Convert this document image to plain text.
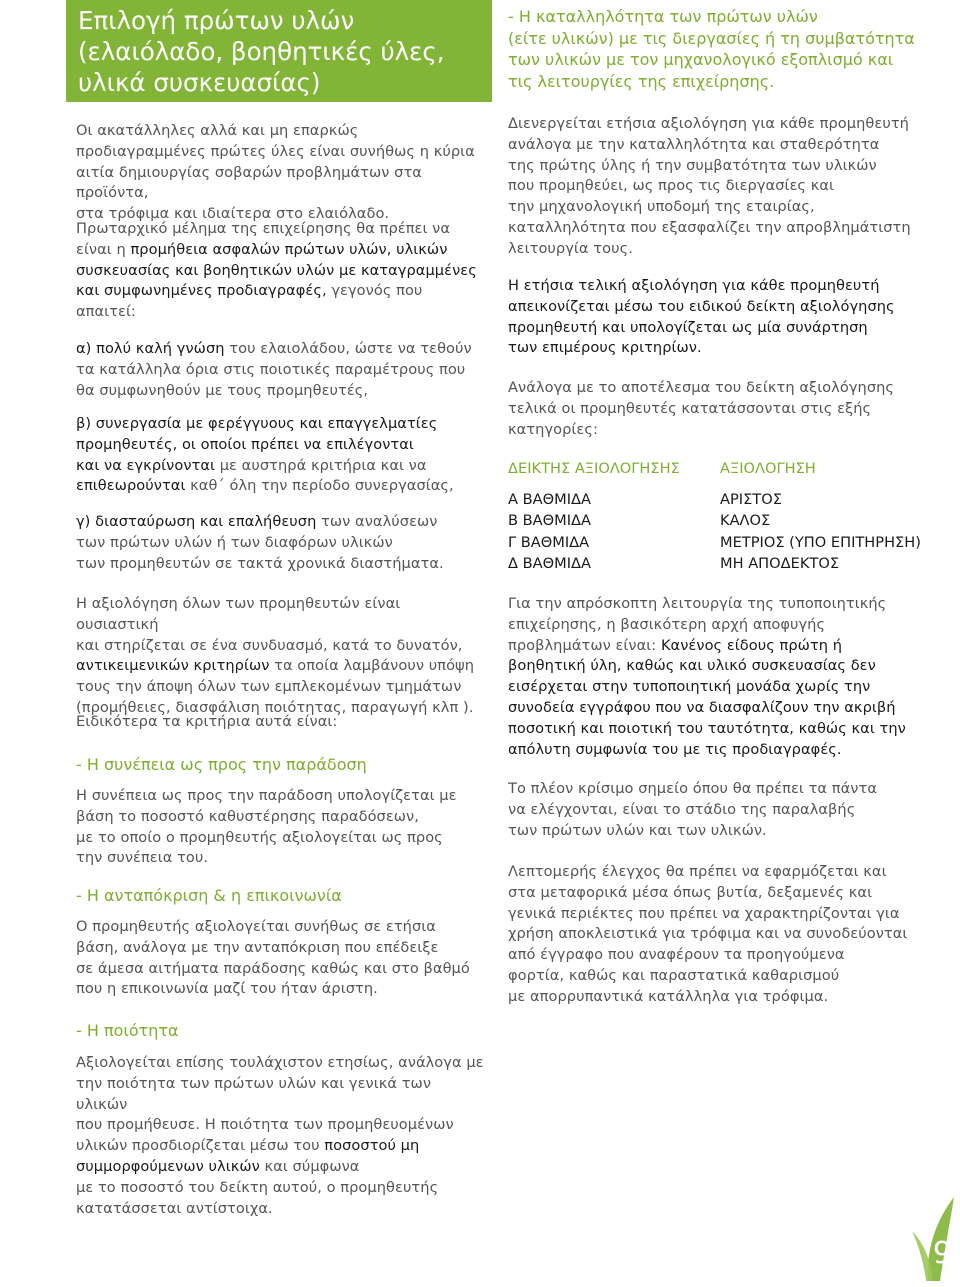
Επιλογή πρώτων υλών
(ελαιόλαδο, βοηθητικές ύλες,
υλικά συσκευασίας)

Οι ακατάλληλες αλλά και μη επαρκώς
προδιαγραμμένες πρώτες ύλες είναι συνήθως η κύρια
αιτία δημιουργίας σοβαρών προβλημάτων στα προϊόντα,
στα τρόφιμα και ιδιαίτερα στο ελαιόλαδο.

Πρωταρχικό μέλημα της επιχείρησης θα πρέπει να
είναι η προμήθεια ασφαλών πρώτων υλών, υλικών
συσκευασίας και βοηθητικών υλών με καταγραμμένες
και συμφωνημένες προδιαγραφές, γεγονός που
απαιτεί:

α) πολύ καλή γνώση του ελαιολάδου, ώστε να τεθούν
τα κατάλληλα όρια στις ποιοτικές παραμέτρους που
θα συμφωνηθούν με τους προμηθευτές,

β) συνεργασία με φερέγγυους και επαγγελματίες
προμηθευτές, οι οποίοι πρέπει να επιλέγονται
και να εγκρίνονται με αυστηρά κριτήρια και να
επιθεωρούνται καθ΄ όλη την περίοδο συνεργασίας,

γ) διασταύρωση και επαλήθευση των αναλύσεων
των πρώτων υλών ή των διαφόρων υλικών
των προμηθευτών σε τακτά χρονικά διαστήματα.

Η αξιολόγηση όλων των προμηθευτών είναι ουσιαστική
και στηρίζεται σε ένα συνδυασμό, κατά το δυνατόν,
αντικειμενικών κριτηρίων τα οποία λαμβάνουν υπόψη
τους την άποψη όλων των εμπλεκομένων τμημάτων
(προμήθειες, διασφάλιση ποιότητας, παραγωγή κλπ ).

Ειδικότερα τα κριτήρια αυτά είναι:

- Η συνέπεια ως προς την παράδοση

Η συνέπεια ως προς την παράδοση υπολογίζεται με
βάση το ποσοστό καθυστέρησης παραδόσεων,
με το οποίο ο προμηθευτής αξιολογείται ως προς
την συνέπεια του.

- Η ανταπόκριση & η επικοινωνία

Ο προμηθευτής αξιολογείται συνήθως σε ετήσια
βάση, ανάλογα με την ανταπόκριση που επέδειξε
σε άμεσα αιτήματα παράδοσης καθώς και στο βαθμό
που η επικοινωνία μαζί του ήταν άριστη.

- Η ποιότητα

Αξιολογείται επίσης τουλάχιστον ετησίως, ανάλογα με
την ποιότητα των πρώτων υλών και γενικά των υλικών
που προμήθευσε. Η ποιότητα των προμηθευομένων
υλικών προσδιορίζεται μέσω του ποσοστού μη
συμμορφούμενων υλικών και σύμφωνα
με το ποσοστό του δείκτη αυτού, ο προμηθευτής
κατατάσσεται αντίστοιχα.

- Η καταλληλότητα των πρώτων υλών
(είτε υλικών) με τις διεργασίες ή τη συμβατότητα
των υλικών με τον μηχανολογικό εξοπλισμό και
τις λειτουργίες της επιχείρησης.

Διενεργείται ετήσια αξιολόγηση για κάθε προμηθευτή
ανάλογα με την καταλληλότητα και σταθερότητα
της πρώτης ύλης ή την συμβατότητα των υλικών
που προμηθεύει, ως προς τις διεργασίες και
την μηχανολογική υποδομή της εταιρίας,
καταλληλότητα που εξασφαλίζει την απροβλημάτιστη
λειτουργία τους.

Η ετήσια τελική αξιολόγηση για κάθε προμηθευτή
απεικονίζεται μέσω του ειδικού δείκτη αξιολόγησης
προμηθευτή και υπολογίζεται ως μία συνάρτηση
των επιμέρους κριτηρίων.

Ανάλογα με το αποτέλεσμα του δείκτη αξιολόγησης
τελικά οι προμηθευτές κατατάσσονται στις εξής
κατηγορίες:

ΔΕΙΚΤΗΣ ΑΞΙΟΛΟΓΗΣΗΣ	ΑΞΙΟΛΟΓΗΣΗ
Α ΒΑΘΜΙΔΑ	ΑΡΙΣΤΟΣ
Β ΒΑΘΜΙΔΑ	ΚΑΛΟΣ
Γ ΒΑΘΜΙΔΑ	ΜΕΤΡΙΟΣ (ΥΠΟ ΕΠΙΤΗΡΗΣΗ)
Δ ΒΑΘΜΙΔΑ	ΜΗ ΑΠΟΔΕΚΤΟΣ

Για την απρόσκοπτη λειτουργία της τυποποιητικής
επιχείρησης, η βασικότερη αρχή αποφυγής
προβλημάτων είναι: Κανένος είδους πρώτη ή
βοηθητική ύλη, καθώς και υλικό συσκευασίας δεν
εισέρχεται στην τυποποιητική μονάδα χωρίς την
συνοδεία εγγράφου που να διασφαλίζουν την ακριβή
ποσοτική και ποιοτική του ταυτότητα, καθώς και την
απόλυτη συμφωνία του με τις προδιαγραφές.

Το πλέον κρίσιμο σημείο όπου θα πρέπει τα πάντα
να ελέγχονται, είναι το στάδιο της παραλαβής
των πρώτων υλών και των υλικών.

Λεπτομερής έλεγχος θα πρέπει να εφαρμόζεται και
στα μεταφορικά μέσα όπως βυτία, δεξαμενές και
γενικά περιέκτες που πρέπει να χαρακτηρίζονται για
χρήση αποκλειστικά για τρόφιμα και να συνοδεύονται
από έγγραφο που αναφέρουν τα προηγούμενα
φορτία, καθώς και παραστατικά καθαρισμού
με απορρυπαντικά κατάλληλα για τρόφιμα.

9
